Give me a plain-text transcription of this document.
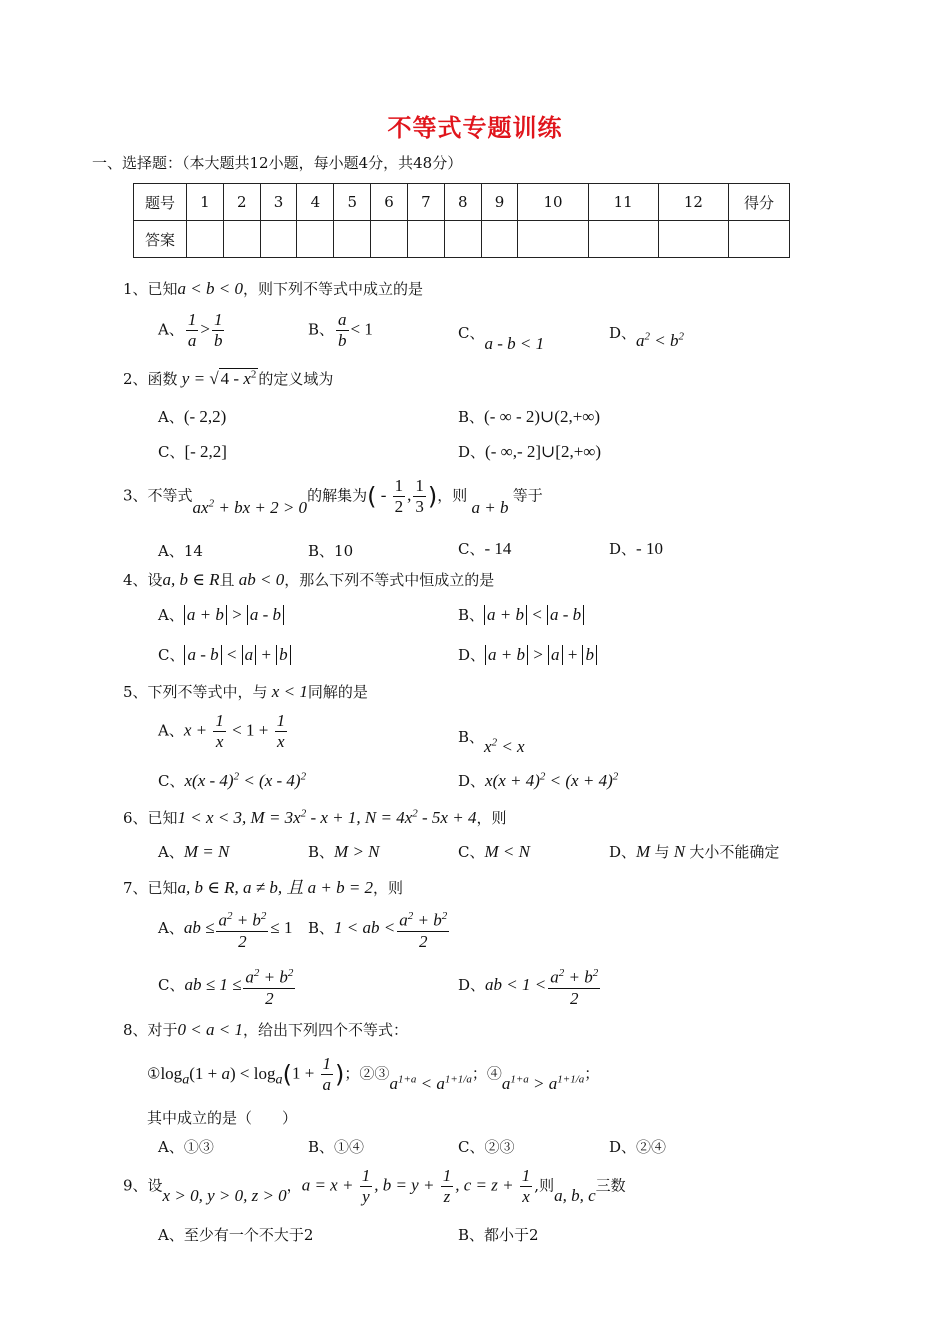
不等式专题训练
一、选择题：（本大题共12小题，每小题4分，共48分）
题号	1	2	3	4	5	6	7	8	9	10	11	12	得分
答案													
1、已知a < b < 0，则下列不等式中成立的是
A、 $\frac{1}{a} > \frac{1}{b}$	B、 $\frac{a}{b} < 1$	C、a - b < 1
D、$a^2 < b^2$
2、函数 y = √ $4 - x^2$ 的定义域为
A、(- 2,2)	B、(- ∞ - 2)∪(2,+∞)
C、[- 2,2]	D、(- ∞,- 2]∪[2,+∞)
3、不等式$ax^2$ + bx + 2 > 0的解集为( - $\frac{1}{2}$ , $\frac{1}{3}$ )，则 a + b 等于
A、14	B、10	C、- 14	D、- 10
4、设a, b ∈ R且 ab < 0，那么下列不等式中恒成立的是
A、 a + b > a - b	B、 a + b < a - b
C、 a - b < a + b	D、 a + b > a + b
5、下列不等式中，与 x < 1同解的是
A、$x + \frac{1}{x} < 1 + \frac{1}{x}$	B、$x^2 < x$
C、x(x - 4)$^2$ < (x - 4)$^2$	D、$x(x + 4)^2 < (x + 4)^2$
6、已知1 < x < 3, $M = 3x^2 - x + 1$, $N = 4x^2 - 5x + 4$，则
A、M = N	B、M > N	C、M < N	D、M 与 N 大小不能确定
7、已知a, b ∈ R, a ≠ b, 且 a + b = 2，则
A、ab ≤ $\frac{a^2 + b^2}{2} \le 1$ B、1 < ab < $\frac{a^2 + b^2}{2}$
C、ab ≤ $1 \le \frac{a^2 + b^2}{2}$	D、ab < $1 < \frac{a^2 + b^2}{2}$
8、对于0 < a < 1，给出下列四个不等式：
$①\log_a(1 + a) < \log_a(1 + \frac{1}{a}$ )；$②③a^{1+a} < a^{1+1/a}$；$④a^{1+a} > a^{1+1/a}$；
其中成立的是（　　）
A、①③	B、①④	C、②③	D、②④
9、设x > 0, y > 0, z > 0，$a = x + \frac{1}{y}$ , $b = y + \frac{1}{z}$ , $c = z + \frac{1}{x}$ ,则a, b, c三数
A、至少有一个不大于2	B、都小于2
